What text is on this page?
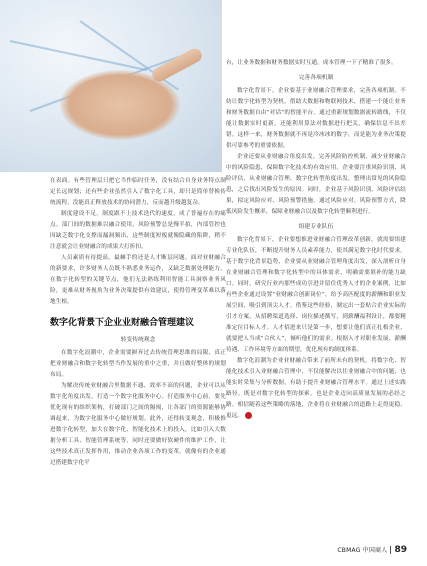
在表面。有些管理层只把它当作临时任务，没有结合自身业务特点制定长远规划；还有些企业虽然引入了数字化工具，却只是简单替换传统流程，没能真正释放技术的协同潜力，反而越升级越复杂。

制度建设不足。制度跟不上技术迭代的速度，成了普遍存在的痛点。部门间的数据难以融合使用，风险预警总是慢半拍，内部管控也因缺乏数字化支撑而漏洞频出，这些制度短板就像隐藏的陷阱，稍不注意就会让业财融合的成果大打折扣。

人员素质有待提高。最棘手的还是人才断层问题。面对业财融合的新要求，许多财务人员既不熟悉业务运作，又缺乏数据处理能力。在数字化转型的关键节点，他们无法熟练利用智能工具洞察业务风险，更难从财务视角为业务决策提供有效建议，使得管理变革难以落地生根。

数字化背景下企业业财融合管理建议
转变传统观念

在数字化浪潮中，企业需要摒弃过去传统管理思维的局限，真正把业财融合和数字化转型当作发展的重中之重，并且做好整体的规划布局。

为解决传统业财融合里数据不通、效率不高的问题，企业可以从数字化角度出发，打造一个数字化服务中心。打造服务中心前，要先优化现有的组织架构，打破部门之间的隔阂，让各部门的资源能够协调起来，为数字化服务中心做好规划。此外，还得转变观念，积极推进数字化转型，加大在数字化、智能化技术上的投入，比如引入大数据分析工具、智能管理系统等，同时还要做好软硬件的维护工作，让这些技术真正发挥作用，推动企业各项工作的变革。就像有的企业通过搭建数字化平

台，让业务数据和财务数据实时互通，成本管理一下子精准了很多。

完善各项机制

数字化背景下，企业要基于业财融合管理要求，完善各项机制。不妨让数字化转型为契机，借助大数据和物联网技术，搭建一个能让业务和财务数据自由“对话”的智能平台。通过重新规划数据流转路线，不仅能让数据实时更新，还能利用算法对数据进行把关，确保信息不出差错。这样一来，财务数据就不再是冷冰冰的数字，而是能为业务决策提供可靠参考的重要依据。

企业还要从业财融合角度出发，完善风险防控机制，减少业财融合中的风险隐患，保障数字化技术的有效应用。企业要注重风险识别、风险评估，从业财融合管理、数字化转型角度出发，整理出常见的风险隐患，之后找出风险发生的原因。同时，企业基于风险识别、风险评估结果，拟定风险应对、风险预警措施，通过风险应对、风险预警方式，降低风险发生概率，保障业财融合以及数字化转型顺利进行。

组建专业队伍

数字化背景下，企业要想推进业财融合管理改革创新，就需要组建专业化队伍，不断提升财务人员素养能力，使其满足数字化时代要求。基于数字化背景趋势，企业要从业财融合管理角度出发，深入剖析自身在业财融合管理和数字化转型中的具体需求，明确需要填补的能力缺口。同时，研究行业内那些成功引进并留住优秀人才的企业案例，比如有些企业通过设置“业财融合创新岗位”，给予高匹配度的薪酬和职业发展空间，吸引到顶尖人才。借鉴这些经验，制定出一套贴合企业实际的引才方案，从招聘渠道选择、岗位描述撰写，到薪酬福利设计，都要精准定位目标人才。人才招进来只是第一步，想要让他们真正扎根企业，就要把人当成“合伙人”，倾听他们的需求。根据人才对职业发展、薪酬待遇、工作环境等方面的期望，优化现有的制度体系。

数字化浪潮为企业业财融合带来了前所未有的契机。将数字化、智能化技术引入业财融合管理中，不仅能解决以往业财融合中的问题，也能实时采集与分析数据，有助于提升业财融合管理水平。通过上述实践路径，既是对数字化转型的探索，也是企业迈向高质量发展的必经之路。相信随着这些策略的落地，企业将在业财融合的道路上走得更稳、更远。	N

CBMAG 中国商人 89
